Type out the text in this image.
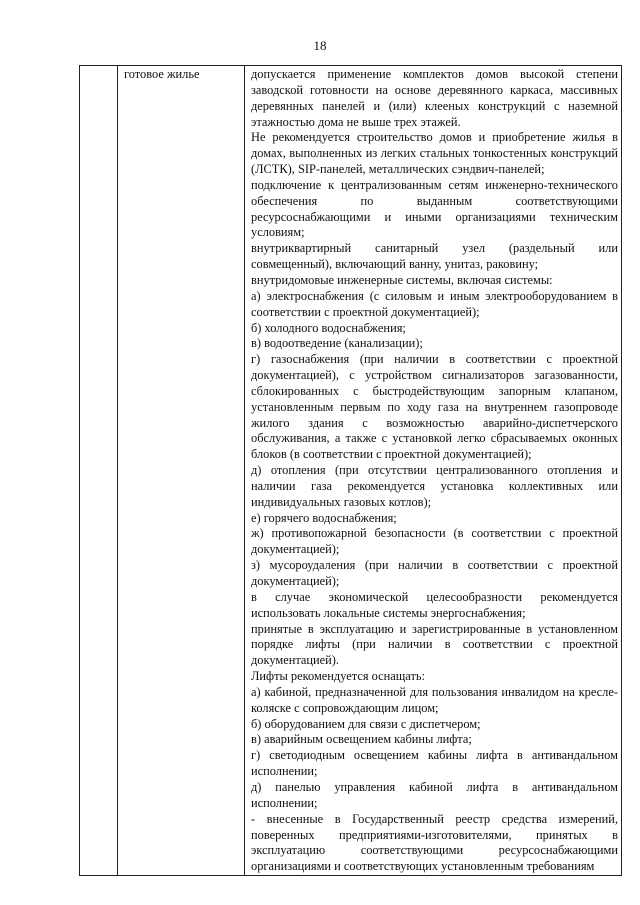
18
	готовое жилье	допускается применение комплектов домов высокой степени заводской готовности на основе деревянного каркаса, массивных деревянных панелей и (или) клееных конструкций с наземной этажностью дома не выше трех этажей.

Не рекомендуется строительство домов и приобретение жилья в домах, выполненных из легких стальных тонкостенных конструкций (ЛСТК), SIP-панелей, металлических сэндвич-панелей;

подключение к централизованным сетям инженерно-технического обеспечения по выданным соответствующими ресурсоснабжающими и иными организациями техническим условиям;

внутриквартирный санитарный узел (раздельный или совмещенный), включающий ванну, унитаз, раковину;

внутридомовые инженерные системы, включая системы:

а) электроснабжения (с силовым и иным электрооборудованием в соответствии с проектной документацией);

б) холодного водоснабжения;

в) водоотведение (канализации);

г) газоснабжения (при наличии в соответствии с проектной документацией), с устройством сигнализаторов загазованности, сблокированных с быстродействующим запорным клапаном, установленным первым по ходу газа на внутреннем газопроводе жилого здания с возможностью аварийно-диспетчерского обслуживания, а также с установкой легко сбрасываемых оконных блоков (в соответствии с проектной документацией);

д) отопления (при отсутствии централизованного отопления и наличии газа рекомендуется установка коллективных или индивидуальных газовых котлов);

е) горячего водоснабжения;

ж) противопожарной безопасности (в соответствии с проектной документацией);

з) мусороудаления (при наличии в соответствии с проектной документацией);

в случае экономической целесообразности рекомендуется использовать локальные системы энергоснабжения;

принятые в эксплуатацию и зарегистрированные в установленном порядке лифты (при наличии в соответствии с проектной документацией).

Лифты рекомендуется оснащать:

а) кабиной, предназначенной для пользования инвалидом на кресле-коляске с сопровождающим лицом;

б) оборудованием для связи с диспетчером;

в) аварийным освещением кабины лифта;

г) светодиодным освещением кабины лифта в антивандальном исполнении;

д) панелью управления кабиной лифта в антивандальном исполнении;

- внесенные в Государственный реестр средства измерений, поверенных предприятиями-изготовителями, принятых в эксплуатацию соответствующими ресурсоснабжающими организациями и соответствующих установленным требованиям
